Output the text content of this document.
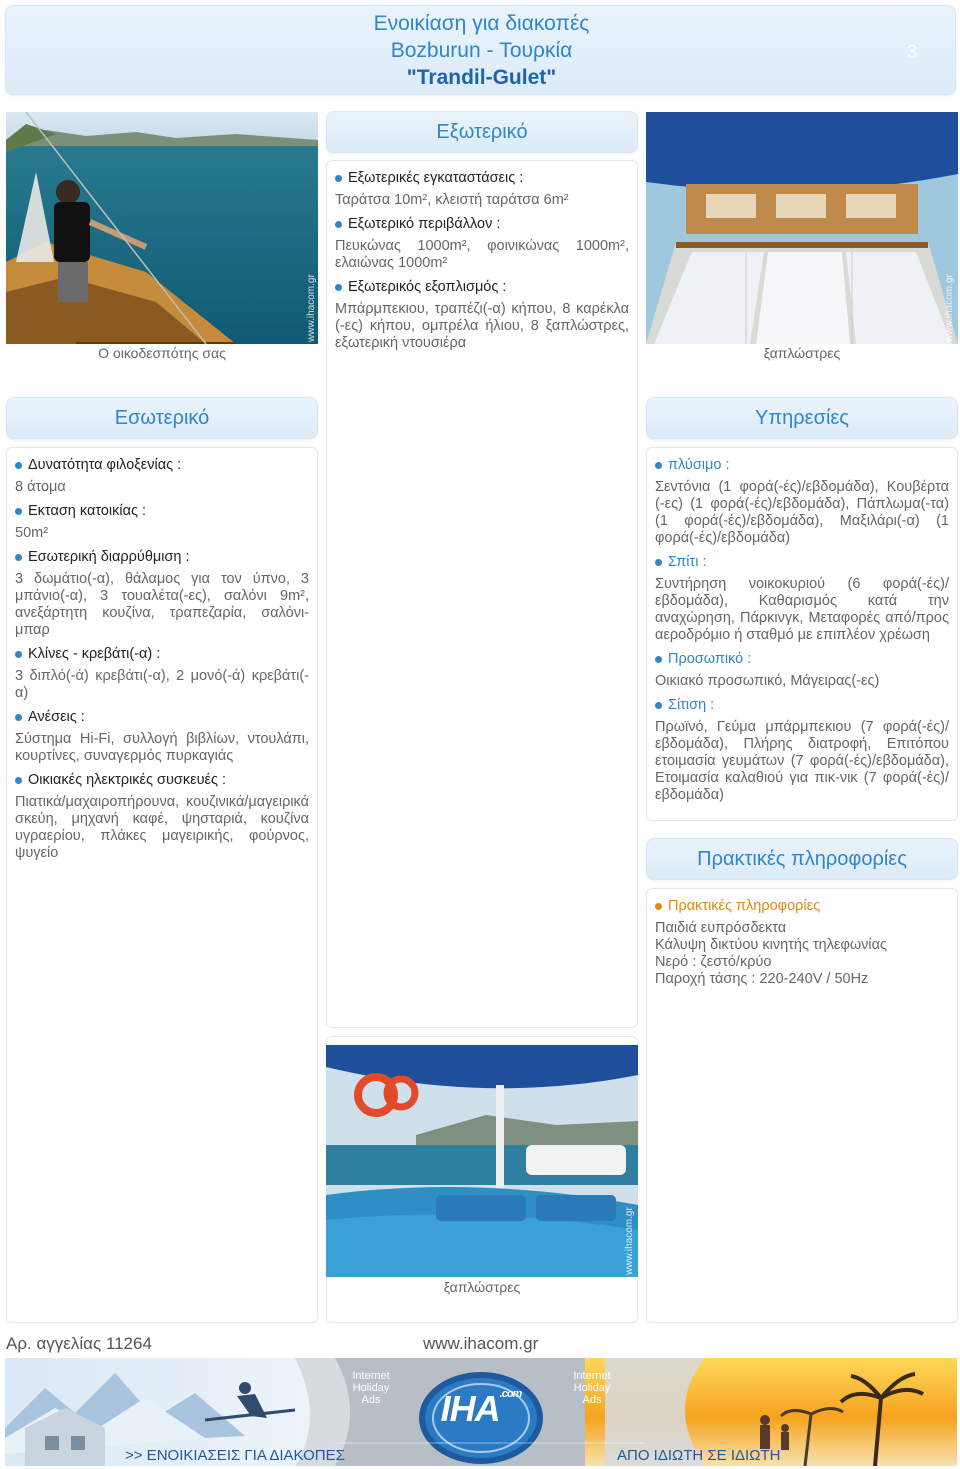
Ενοικίαση για διακοπές
Bozburun - Τουρκία
"Trandil-Gulet"
3
www.ihacom.gr
Ο οικοδεσπότης σας
Εξωτερικό
Εξωτερικές εγκαταστάσεις :
Ταράτσα 10m², κλειστή ταράτσα 6m²
Εξωτερικό περιβάλλον :
Πευκώνας 1000m², φοινικώνας 1000m², ελαιώνας 1000m²
Εξωτερικός εξοπλισμός :
Μπάρμπεκιου, τραπέζι(-α) κήπου, 8 καρέκλα (-ες) κήπου, ομπρέλα ήλιου, 8 ξαπλώστρες, εξωτερική ντουσιέρα
www.ihacom.gr
ξαπλώστρες
Εσωτερικό
Δυνατότητα φιλοξενίας :
8 άτομα
Εκταση κατοικίας :
50m²
Εσωτερική διαρρύθμιση :
3 δωμάτιο(-α), θάλαμος για τον ύπνο, 3 μπάνιο(-α), 3 τουαλέτα(-ες), σαλόνι 9m², ανεξάρτητη κουζίνα, τραπεζαρία, σαλόνι-μπαρ
Κλίνες - κρεβάτι(-α) :
3 διπλό(-ά) κρεβάτι(-α), 2 μονό(-ά) κρεβάτι(-α)
Ανέσεις :
Σύστημα Hi-Fi, συλλογή βιβλίων, ντουλάπι, κουρτίνες, συναγερμός πυρκαγιάς
Οικιακές ηλεκτρικές συσκευές :
Πιατικά/μαχαιροπήρουνα, κουζινικά/μαγειρικά σκεύη, μηχανή καφέ, ψησταριά, κουζίνα υγραερίου, πλάκες μαγειρικής, φούρνος, ψυγείο
Υπηρεσίες
πλύσιμο :
Σεντόνια (1 φορά(-ές)/εβδομάδα), Κουβέρτα (-ες) (1 φορά(-ές)/εβδομάδα), Πάπλωμα(-τα) (1 φορά(-ές)/εβδομάδα), Μαξιλάρι(-α) (1 φορά(-ές)/εβδομάδα)
Σπίτι :
Συντήρηση νοικοκυριού (6 φορά(-ές)/εβδομάδα), Καθαρισμός κατά την αναχώρηση, Πάρκινγκ, Μεταφορές από/προς αεροδρόμιο ή σταθμό με επιπλέον χρέωση
Προσωπικό :
Οικιακό προσωπικό, Μάγειρας(-ες)
Σίτιση :
Πρωϊνό, Γεύμα μπάρμπεκιου (7 φορά(-ές)/εβδομάδα), Πλήρης διατροφή, Επιτόπου ετοιμασία γευμάτων (7 φορά(-ές)/εβδομάδα), Ετοιμασία καλαθιού για πικ-νικ (7 φορά(-ές)/εβδομάδα)
Πρακτικές πληροφορίες
Πρακτικές πληροφορίες
Παιδιά ευπρόσδεκτα
Κάλυψη δικτύου κινητής τηλεφωνίας
Νερό : ζεστό/κρύο
Παροχή τάσης : 220-240V / 50Hz
www.ihacom.gr
ξαπλώστρες
Αρ. αγγελίας 11264	www.ihacom.gr
Internet
Holiday
Ads
Internet
Holiday
Ads
$IHA^{.com}$
>> ΕΝΟΙΚΙΑΣΕΙΣ ΓΙΑ ΔΙΑΚΟΠΕΣ	ΑΠΟ ΙΔΙΩΤΗ ΣΕ ΙΔΙΩΤΗ
